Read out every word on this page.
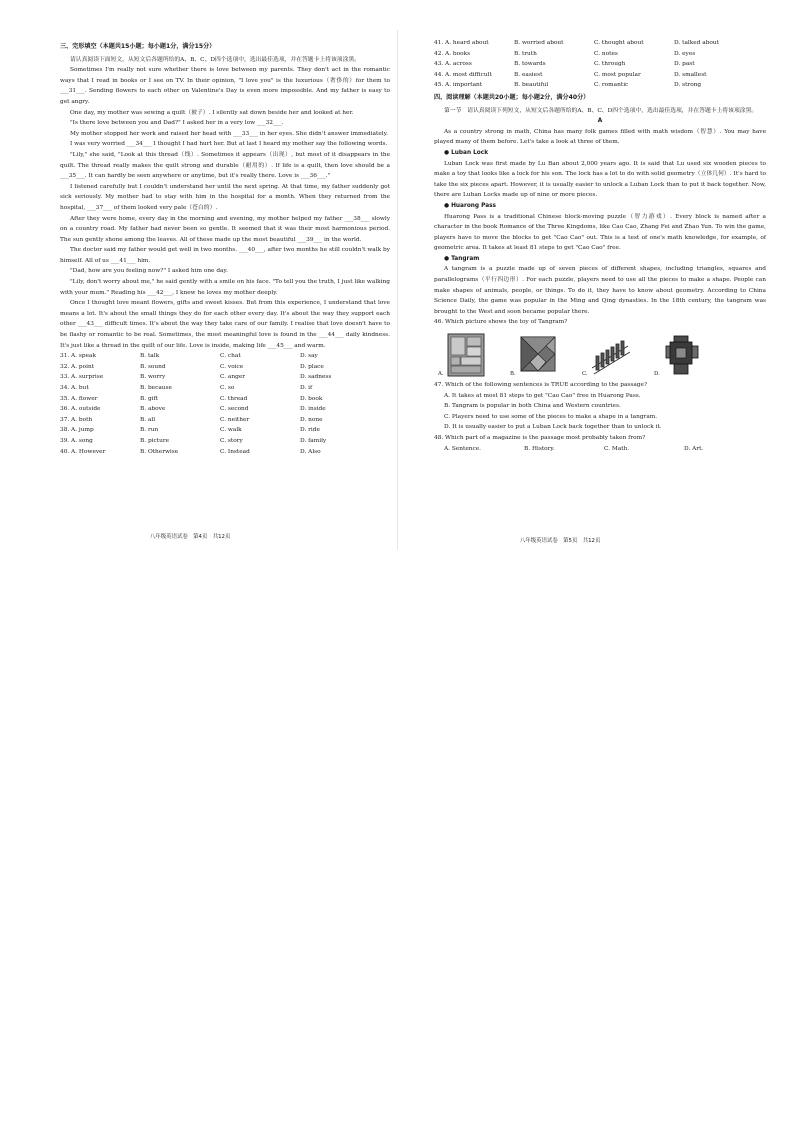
三、完形填空（本题共15小题；每小题1分，满分15分）

请认真阅读下面短文，从短文后各题所给的A、B、C、D四个选项中，选出最佳选项，并在答题卡上将该项涂黑。

Sometimes I'm really not sure whether there is love between my parents. They don't act in the romantic ways that I read in books or I see on TV. In their opinion, "I love you" is the luxurious（奢侈的）for them to ___31___. Sending flowers to each other on Valentine's Day is even more impossible. And my father is easy to get angry.

One day, my mother was sewing a quilt（被子）. I silently sat down beside her and looked at her.

"Is there love between you and Dad?" I asked her in a very low ___32___.

My mother stopped her work and raised her head with ___33___ in her eyes. She didn't answer immediately.

I was very worried ___34___ I thought I had hurt her. But at last I heard my mother say the following words.

"Lily," she said, "Look at this thread（线）. Sometimes it appears（出现）, but most of it disappears in the quilt. The thread really makes the quilt strong and durable（耐用的）. If life is a quilt, then love should be a ___35___. It can hardly be seen anywhere or anytime, but it's really there. Love is ___36___."

I listened carefully but I couldn't understand her until the next spring. At that time, my father suddenly got sick seriously. My mother had to stay with him in the hospital for a month. When they returned from the hospital, ___37___ of them looked very pale（苍白的）.

After they were home, every day in the morning and evening, my mother helped my father ___38___ slowly on a country road. My father had never been so gentle. It seemed that it was their most harmonious period. The sun gently shone among the leaves. All of these made up the most beautiful ___39___ in the world.

The doctor said my father would get well in two months. ___40___, after two months he still couldn't walk by himself. All of us ___41___ him.

"Dad, how are you feeling now?" I asked him one day.

"Lily, don't worry about me," he said gently with a smile on his face. "To tell you the truth, I just like walking with your mum." Reading his ___42___, I knew he loves my mother deeply.

Once I thought love meant flowers, gifts and sweet kisses. But from this experience, I understand that love means a lot. It's about the small things they do for each other every day. It's about the way they support each other ___43___ difficult times. It's about the way they take care of our family. I realise that love doesn't have to be flashy or romantic to be real. Sometimes, the most meaningful love is found in the ___44___ daily kindness. It's just like a thread in the quilt of our life. Love is inside, making life ___45___ and warm.

31. A. speak	B. talk	C. chat	D. say
32. A. point	B. sound	C. voice	D. place
33. A. surprise	B. worry	C. anger	D. sadness
34. A. but	B. because	C. so	D. if
35. A. flower	B. gift	C. thread	D. book
36. A. outside	B. above	C. second	D. inside
37. A. both	B. all	C. neither	D. none
38. A. jump	B. run	C. walk	D. ride
39. A. song	B. picture	C. story	D. family
40. A. However	B. Otherwise	C. Instead	D. Also
八年级英语试卷　第4页　共12页
41. A. heard about	B. worried about	C. thought about	D. talked about
42. A. books	B. truth	C. notes	D. eyes
43. A. across	B. towards	C. through	D. past
44. A. most difficult	B. easiest	C. most popular	D. smallest
45. A. important	B. beautiful	C. romantic	D. strong
四、阅读理解（本题共20小题；每小题2分，满分40分）

第一节　请认真阅读下列短文，从短文后各题所给的A、B、C、D四个选项中，选出最佳选项，并在答题卡上将该项涂黑。

A

As a country strong in math, China has many folk games filled with math wisdom（智慧）. You may have played many of them before. Let's take a look at three of them.

● Luban Lock

Luban Lock was first made by Lu Ban about 2,000 years ago. It is said that Lu used six wooden pieces to make a toy that looks like a lock for his son. The lock has a lot to do with solid geometry（立体几何）. It's hard to take the six pieces apart. However, it is usually easier to unlock a Luban Lock than to put it back together. Now, there are Luban Locks made up of nine or more pieces.

● Huarong Pass

Huarong Pass is a traditional Chinese block-moving puzzle（智力游戏）. Every block is named after a character in the book Romance of the Three Kingdoms, like Cao Cao, Zhang Fei and Zhao Yun. To win the game, players have to move the blocks to get "Cao Cao" out. This is a test of one's math knowledge, for example, of geometric area. It takes at least 81 steps to get "Cao Cao" free.

● Tangram

A tangram is a puzzle made up of seven pieces of different shapes, including triangles, squares and parallelograms（平行四边形）. For each puzzle, players need to use all the pieces to make a shape. People can make shapes of animals, people, or things. To do it, they have to know about geometry. According to China Science Daily, the game was popular in the Ming and Qing dynasties. In the 18th century, the tangram was brought to the West and soon became popular there.

46. Which picture shows the toy of Tangram?

A.	B.	C.	D.

47. Which of the following sentences is TRUE according to the passage?

A. It takes at most 81 steps to get "Cao Cao" free in Huarong Pass.

B. Tangram is popular in both China and Western countries.

C. Players need to use some of the pieces to make a shape in a tangram.

D. It is usually easier to put a Luban Lock back together than to unlock it.

48. Which part of a magazine is the passage most probably taken from?

A. Sentence.	B. History.	C. Math.	D. Art.
八年级英语试卷　第5页　共12页
